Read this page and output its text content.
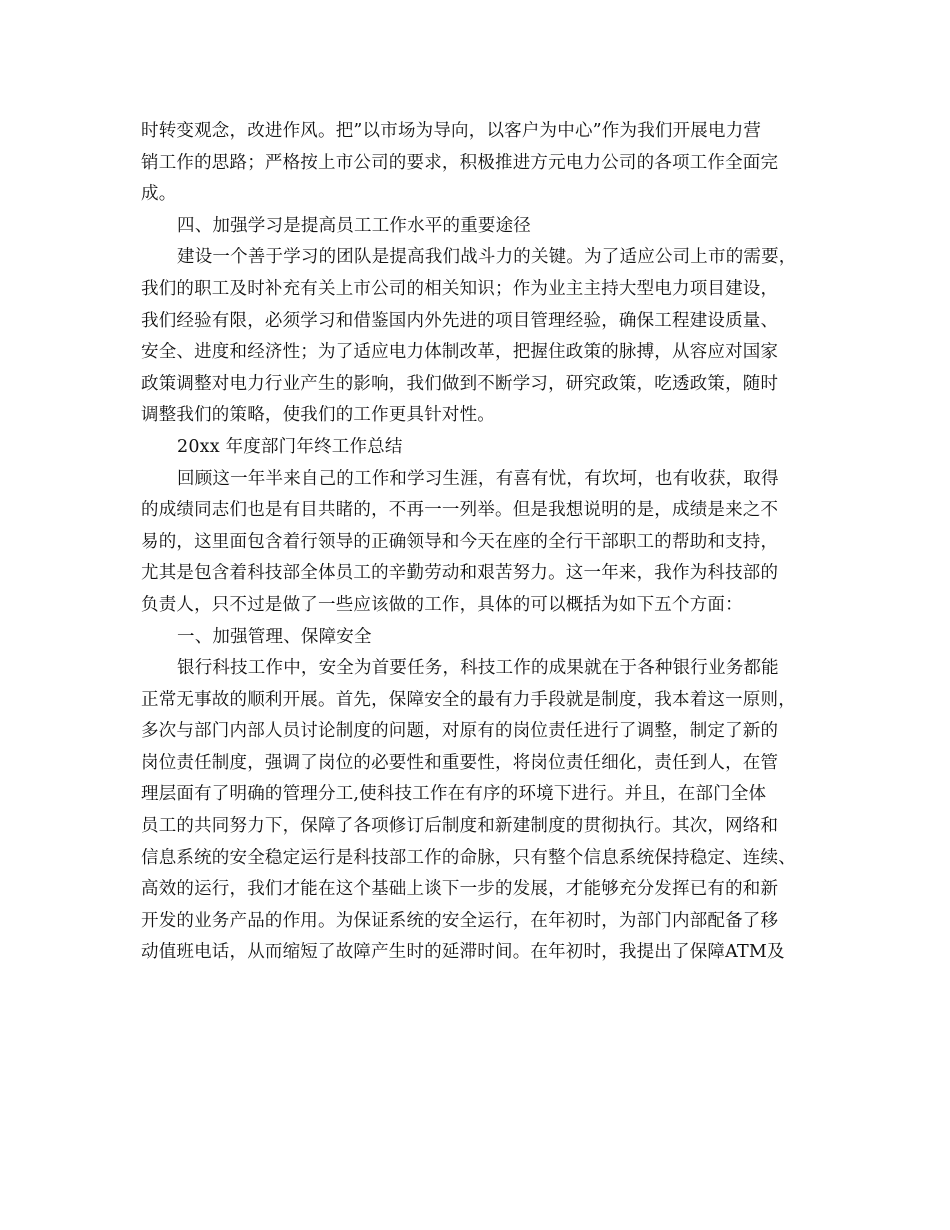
时转变观念，改进作风。把”以市场为导向，以客户为中心”作为我们开展电力营
销工作的思路；严格按上市公司的要求，积极推进方元电力公司的各项工作全面完
成。
四、加强学习是提高员工工作水平的重要途径
建设一个善于学习的团队是提高我们战斗力的关键。为了适应公司上市的需要，
我们的职工及时补充有关上市公司的相关知识；作为业主主持大型电力项目建设，
我们经验有限，必须学习和借鉴国内外先进的项目管理经验，确保工程建设质量、
安全、进度和经济性；为了适应电力体制改革，把握住政策的脉搏，从容应对国家
政策调整对电力行业产生的影响，我们做到不断学习，研究政策，吃透政策，随时
调整我们的策略，使我们的工作更具针对性。
20xx 年度部门年终工作总结
回顾这一年半来自己的工作和学习生涯，有喜有忧，有坎坷，也有收获，取得
的成绩同志们也是有目共睹的，不再一一列举。但是我想说明的是，成绩是来之不
易的，这里面包含着行领导的正确领导和今天在座的全行干部职工的帮助和支持，
尤其是包含着科技部全体员工的辛勤劳动和艰苦努力。这一年来，我作为科技部的
负责人，只不过是做了一些应该做的工作，具体的可以概括为如下五个方面：
一、加强管理、保障安全
银行科技工作中，安全为首要任务，科技工作的成果就在于各种银行业务都能
正常无事故的顺利开展。首先，保障安全的最有力手段就是制度，我本着这一原则，
多次与部门内部人员讨论制度的问题，对原有的岗位责任进行了调整，制定了新的
岗位责任制度，强调了岗位的必要性和重要性，将岗位责任细化，责任到人，在管
理层面有了明确的管理分工,使科技工作在有序的环境下进行。并且，在部门全体
员工的共同努力下，保障了各项修订后制度和新建制度的贯彻执行。其次，网络和
信息系统的安全稳定运行是科技部工作的命脉，只有整个信息系统保持稳定、连续、
高效的运行，我们才能在这个基础上谈下一步的发展，才能够充分发挥已有的和新
开发的业务产品的作用。为保证系统的安全运行，在年初时，为部门内部配备了移
动值班电话，从而缩短了故障产生时的延滞时间。在年初时，我提出了保障ATM及
